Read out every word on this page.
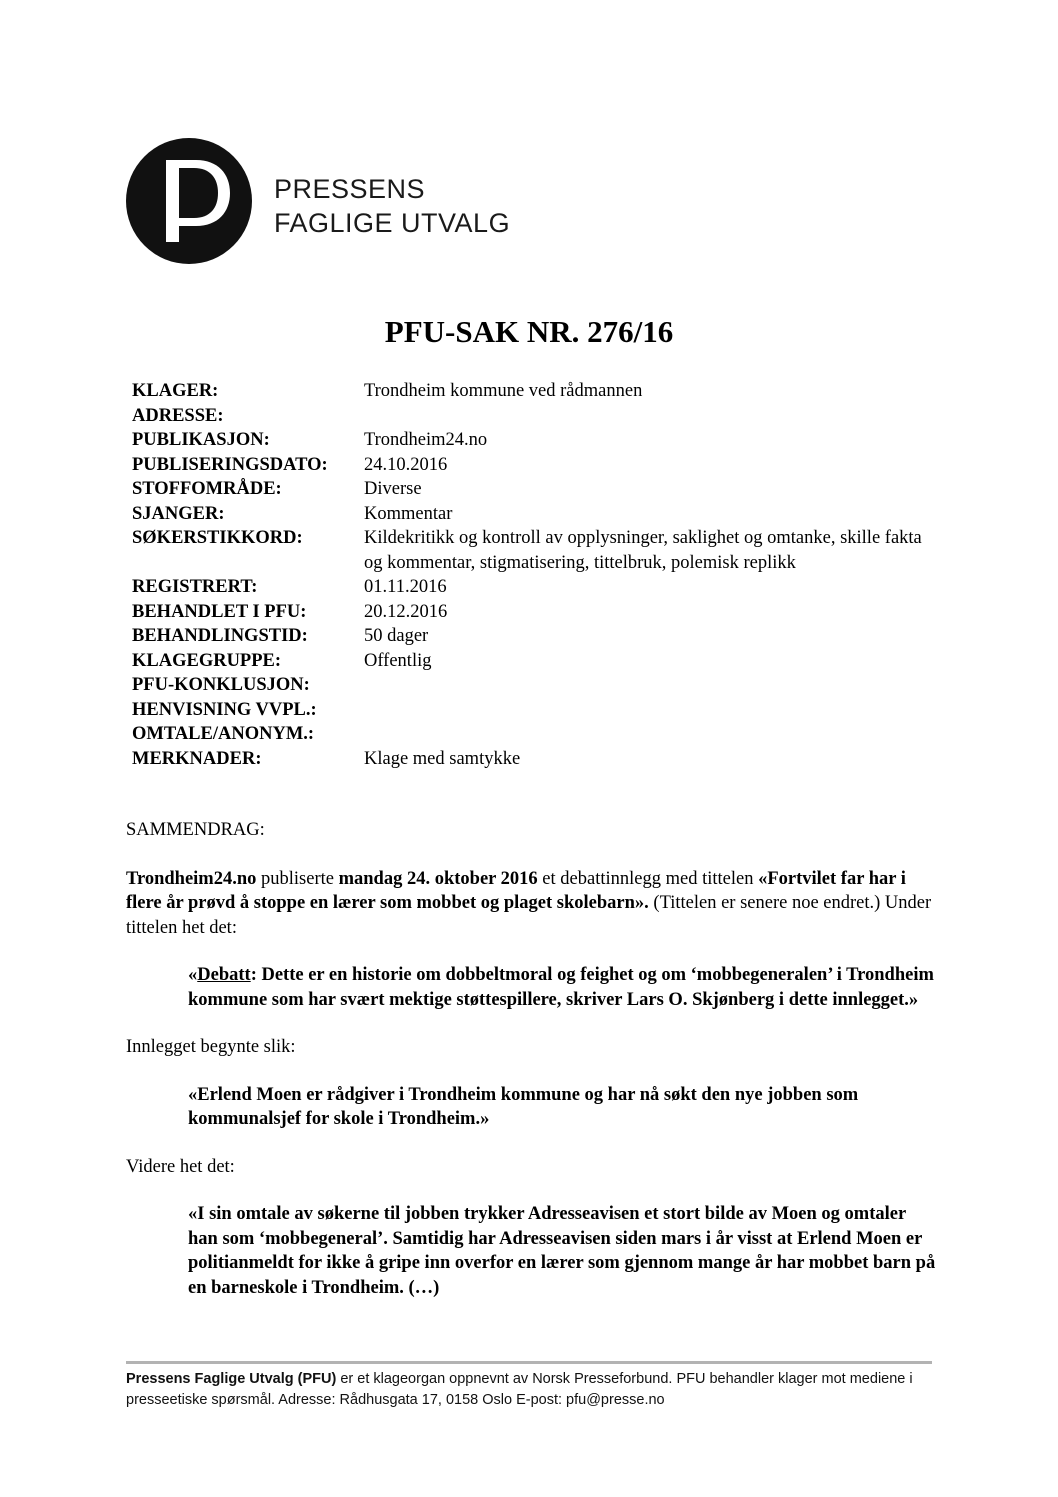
PRESSENS
FAGLIGE UTVALG
PFU-SAK NR. 276/16
KLAGER:	Trondheim kommune ved rådmannen
ADRESSE:
PUBLIKASJON:	Trondheim24.no
PUBLISERINGSDATO:	24.10.2016
STOFFOMRÅDE:	Diverse
SJANGER:	Kommentar
SØKERSTIKKORD:	Kildekritikk og kontroll av opplysninger, saklighet og omtanke, skille fakta og kommentar, stigmatisering, tittelbruk, polemisk replikk
REGISTRERT:	01.11.2016
BEHANDLET I PFU:	20.12.2016
BEHANDLINGSTID:	50 dager
KLAGEGRUPPE:	Offentlig
PFU-KONKLUSJON:
HENVISNING VVPL.:
OMTALE/ANONYM.:
MERKNADER:	Klage med samtykke
SAMMENDRAG:

Trondheim24.no publiserte mandag 24. oktober 2016 et debattinnlegg med tittelen «Fortvilet far har i flere år prøvd å stoppe en lærer som mobbet og plaget skolebarn». (Tittelen er senere noe endret.) Under tittelen het det:

«Debatt: Dette er en historie om dobbeltmoral og feighet og om ‘mobbegeneralen’ i Trondheim kommune som har svært mektige støttespillere, skriver Lars O. Skjønberg i dette innlegget.»

Innlegget begynte slik:

«Erlend Moen er rådgiver i Trondheim kommune og har nå søkt den nye jobben som kommunalsjef for skole i Trondheim.»

Videre het det:

«I sin omtale av søkerne til jobben trykker Adresseavisen et stort bilde av Moen og omtaler han som ‘mobbegeneral’. Samtidig har Adresseavisen siden mars i år visst at Erlend Moen er politianmeldt for ikke å gripe inn overfor en lærer som gjennom mange år har mobbet barn på en barneskole i Trondheim. (…)
Pressens Faglige Utvalg (PFU) er et klageorgan oppnevnt av Norsk Presseforbund. PFU behandler klager mot mediene i presseetiske spørsmål. Adresse: Rådhusgata 17, 0158 Oslo E-post: pfu@presse.no
